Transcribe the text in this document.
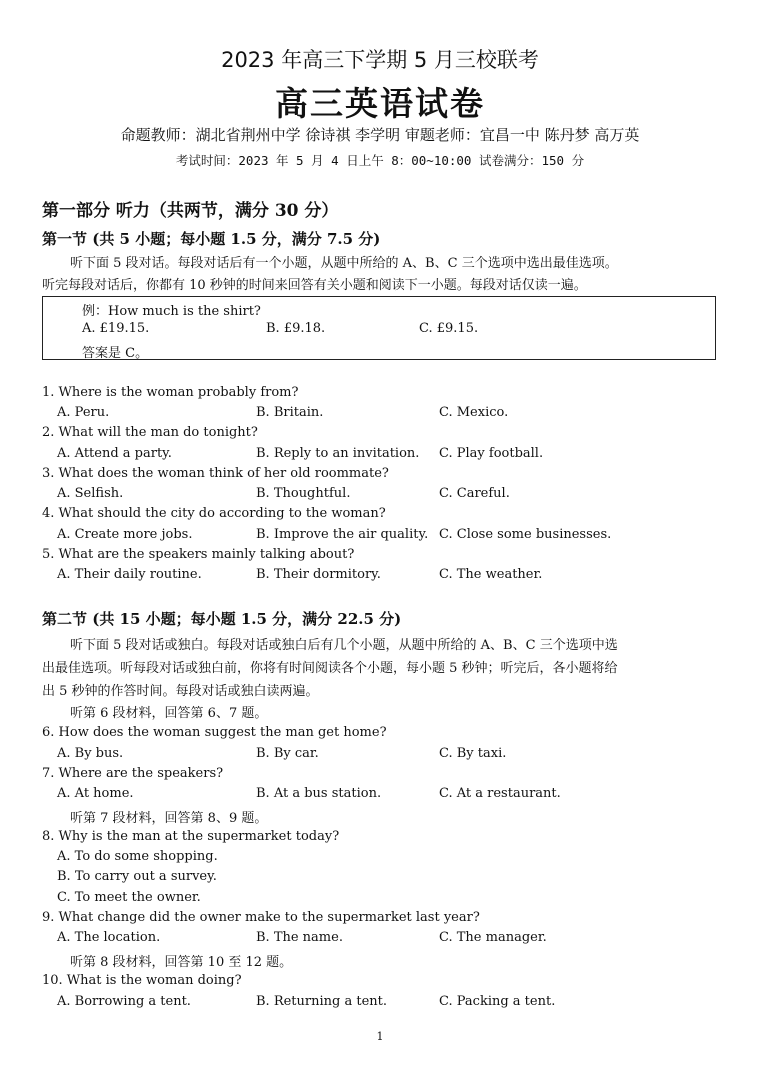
2023 年高三下学期 5 月三校联考
高三英语试卷
命题教师：湖北省荆州中学 徐诗祺 李学明 审题老师：宜昌一中 陈丹梦 高万英
考试时间：2023 年 5 月 4 日上午 8：00~10:00 试卷满分：150 分
第一部分 听力（共两节，满分 30 分）
第一节 (共 5 小题；每小题 1.5 分，满分 7.5 分)
听下面 5 段对话。每段对话后有一个小题，从题中所给的 A、B、C 三个选项中选出最佳选项。
听完每段对话后，你都有 10 秒钟的时间来回答有关小题和阅读下一小题。每段对话仅读一遍。
例：How much is the shirt?
A. £19.15.	B. £9.18.	C. £9.15.
答案是 C。
1. Where is the woman probably from?
A. Peru.	B. Britain.	C. Mexico.
2. What will the man do tonight?
A. Attend a party.	B. Reply to an invitation. C. Play football.
3. What does the woman think of her old roommate?
A. Selfish.	B. Thoughtful.	C. Careful.
4. What should the city do according to the woman?
A. Create more jobs.	B. Improve the air quality. C. Close some businesses.
5. What are the speakers mainly talking about?
A. Their daily routine.	B. Their dormitory.	C. The weather.
第二节 (共 15 小题；每小题 1.5 分，满分 22.5 分)
听下面 5 段对话或独白。每段对话或独白后有几个小题，从题中所给的 A、B、C 三个选项中选
出最佳选项。听每段对话或独白前，你将有时间阅读各个小题，每小题 5 秒钟；听完后，各小题将给
出 5 秒钟的作答时间。每段对话或独白读两遍。
听第 6 段材料，回答第 6、7 题。
6. How does the woman suggest the man get home?
A. By bus.	B. By car.	C. By taxi.
7. Where are the speakers?
A. At home.	B. At a bus station.	C. At a restaurant.
听第 7 段材料，回答第 8、9 题。
8. Why is the man at the supermarket today?
A. To do some shopping.
B. To carry out a survey.
C. To meet the owner.
9. What change did the owner make to the supermarket last year?
A. The location.	B. The name.	C. The manager.
听第 8 段材料，回答第 10 至 12 题。
10. What is the woman doing?
A. Borrowing a tent.	B. Returning a tent.	C. Packing a tent.
1
